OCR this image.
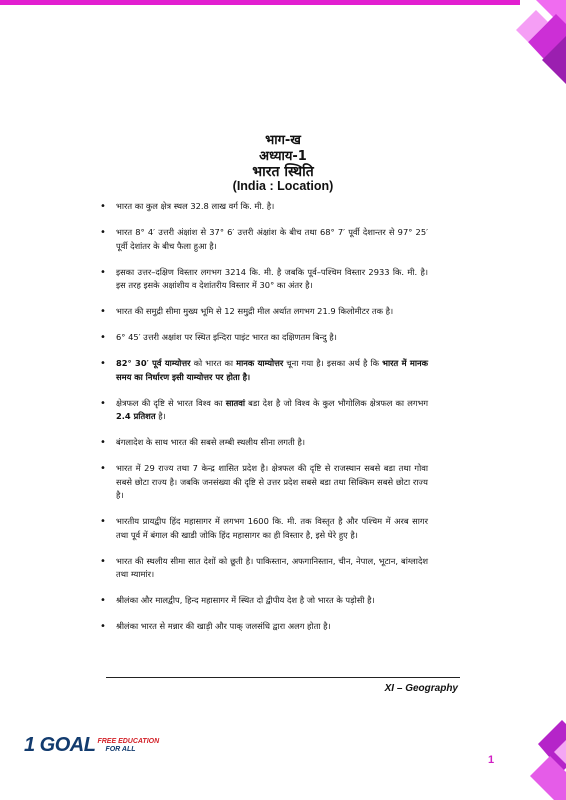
भाग-ख
अध्याय-1
भारत स्थिति
(India : Location)
• भारत का कुल क्षेत्र स्थल 32.8 लाख वर्ग कि. मी. है।
• भारत 8° 4′ उत्तरी अंक्षांश से 37° 6′ उत्तरी अंक्षांश के बीच तथा 68° 7′ पूर्वी देशान्तर से 97° 25′ पूर्वी देशांतर के बीच फैला हुआ है।
• इसका उत्तर–दक्षिण विस्तार लगभग 3214 कि. मी. है जबकि पूर्व–पश्चिम विस्तार 2933 कि. मी. है। इस तरह इसके अक्षांशीय व देशांतरीय विस्तार में 30° का अंतर है।
• भारत की समुद्री सीमा मुख्य भूमि से 12 समुद्री मील अर्थात लगभग 21.9 किलोमीटर तक है।
• 6° 45′ उत्तरी अक्षांश पर स्थित इन्दिरा पाइंट भारत का दक्षिणतम बिन्दु है।
• 82° 30′ पूर्व याम्योत्तर को भारत का मानक याम्योत्तर चूना गया है। इसका अर्थ है कि भारत में मानक समय का निर्धारण इसी याम्योत्तर पर होता है।
• क्षेत्रफल की दृष्टि से भारत विश्व का सातवां बडा देश है जो विश्व के कुल भौगोलिक क्षेत्रफल का लगभग 2.4 प्रतिशत है।
• बंगलादेश के साथ भारत की सबसे लम्बी स्थलीय सीना लगती है।
• भारत में 29 राज्य तथा 7 केन्द्र शासित प्रदेश है। क्षेत्रफल की दृष्टि से राजस्थान सबसे बडा तथा गोवा सबसे छोटा राज्य है। जबकि जनसंख्या की दृष्टि से उत्तर प्रदेश सबसे बडा तथा सिक्किम सबसे छोटा राज्य है।
• भारतीय प्रायद्वीप हिंद महासागर में लगभग 1600 कि. मी. तक विस्तृत है और पश्चिम में अरब सागर तथा पूर्व में बंगाल की खाडी जोकि हिंद महासागर का ही विस्तार है, इसे घेरे हुए है।
• भारत की स्थलीय सीमा सात देशों को छूती है। पाकिस्तान, अफगानिस्तान, चीन, नेपाल, भूटान, बांग्लादेश तथा म्यामांर।
• श्रीलंका और मालद्वीप, हिन्द महासागर में स्थित दो द्वीपीय देश है जो भारत के पड़ोसी है।
• श्रीलंका भारत से मन्नार की खाड़ी और पाक् जलसंधि द्वारा अलग होता है।
XI – Geography
1 GOAL FREE EDUCATION
FOR ALL
1
